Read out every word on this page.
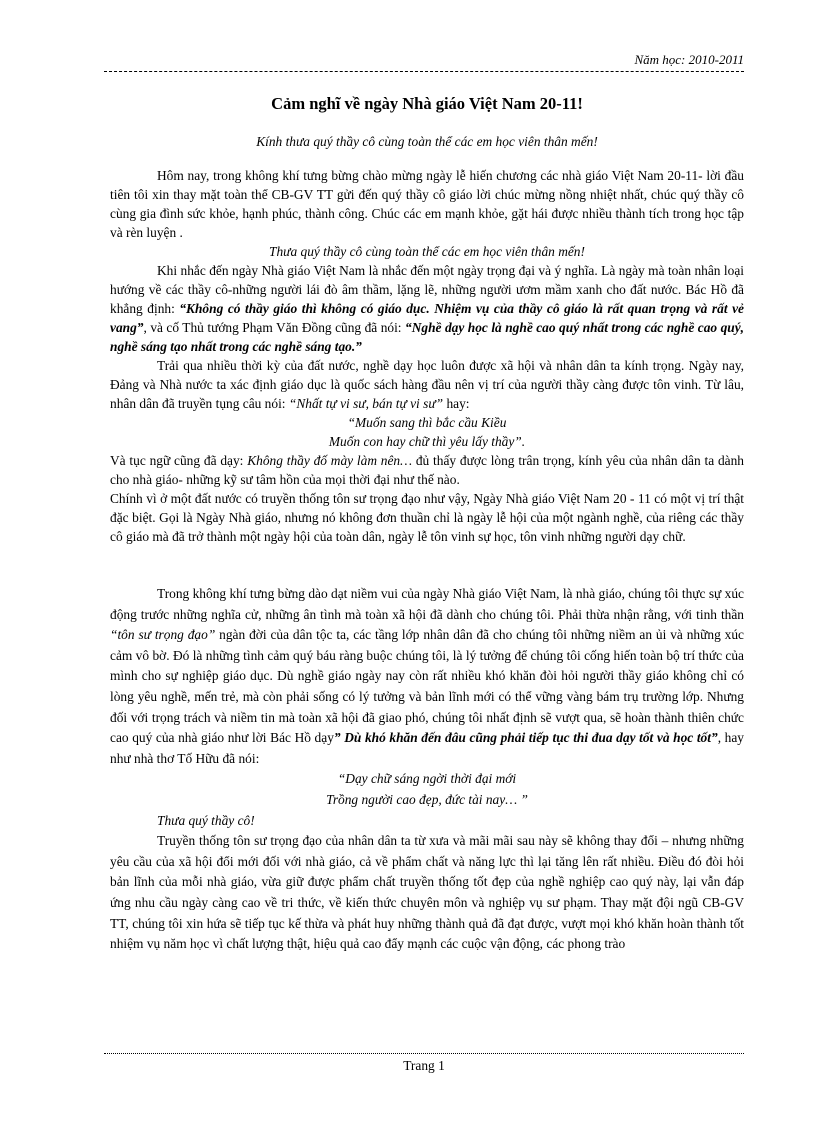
Năm học: 2010-2011
Cảm nghĩ về ngày Nhà giáo Việt Nam 20-11!
Kính thưa quý thầy cô cùng toàn thể các em học viên thân mến!

Hôm nay, trong không khí tưng bừng chào mừng ngày lễ hiến chương các nhà giáo Việt Nam 20-11- lời đầu tiên tôi xin thay mặt toàn thể CB-GV TT gửi đến quý thầy cô giáo lời chúc mừng nồng nhiệt nhất, chúc quý thầy cô cùng gia đình sức khỏe, hạnh phúc, thành công. Chúc các em mạnh khỏe, gặt hái được nhiều thành tích trong học tập và rèn luyện .

Thưa quý thầy cô cùng toàn thể các em học viên thân mến!

Khi nhắc đến ngày Nhà giáo Việt Nam là nhắc đến một ngày trọng đại và ý nghĩa. Là ngày mà toàn nhân loại hướng về các thầy cô-những người lái đò âm thầm, lặng lẽ, những người ươm mầm xanh cho đất nước. Bác Hồ đã khẳng định: “Không có thầy giáo thì không có giáo dục. Nhiệm vụ của thầy cô giáo là rất quan trọng và rất vẻ vang”, và cố Thủ tướng Phạm Văn Đồng cũng đã nói: “Nghề dạy học là nghề cao quý nhất trong các nghề cao quý, nghề sáng tạo nhất trong các nghề sáng tạo.”

Trải qua nhiều thời kỳ của đất nước, nghề dạy học luôn được xã hội và nhân dân ta kính trọng. Ngày nay, Đảng và Nhà nước ta xác định giáo dục là quốc sách hàng đầu nên vị trí của người thầy càng được tôn vinh. Từ lâu, nhân dân đã truyền tụng câu nói: “Nhất tự vi sư, bán tự vi sư” hay:

“Muốn sang thì bắc cầu Kiều

Muốn con hay chữ thì yêu lấy thầy”.

Và tục ngữ cũng đã dạy: Không thầy đố mày làm nên… đủ thấy được lòng trân trọng, kính yêu của nhân dân ta dành cho nhà giáo- những kỹ sư tâm hồn của mọi thời đại như thế nào.

Chính vì ở một đất nước có truyền thống tôn sư trọng đạo như vậy, Ngày Nhà giáo Việt Nam 20 - 11 có một vị trí thật đặc biệt. Gọi là Ngày Nhà giáo, nhưng nó không đơn thuần chỉ là ngày lễ hội của một ngành nghề, của riêng các thầy cô giáo mà đã trở thành một ngày hội của toàn dân, ngày lễ tôn vinh sự học, tôn vinh những người dạy chữ.

Trong không khí tưng bừng dào dạt niềm vui của ngày Nhà giáo Việt Nam, là nhà giáo, chúng tôi thực sự xúc động trước những nghĩa cử, những ân tình mà toàn xã hội đã dành cho chúng tôi. Phải thừa nhận rằng, với tinh thần “tôn sư trọng đạo” ngàn đời của dân tộc ta, các tầng lớp nhân dân đã cho chúng tôi những niềm an ủi và những xúc cảm vô bờ. Đó là những tình cảm quý báu ràng buộc chúng tôi, là lý tưởng để chúng tôi cống hiến toàn bộ trí thức của mình cho sự nghiệp giáo dục. Dù nghề giáo ngày nay còn rất nhiều khó khăn đòi hỏi người thầy giáo không chỉ có lòng yêu nghề, mến trẻ, mà còn phải sống có lý tưởng và bản lĩnh mới có thể vững vàng bám trụ trường lớp. Nhưng đối với trọng trách và niềm tin mà toàn xã hội đã giao phó, chúng tôi nhất định sẽ vượt qua, sẽ hoàn thành thiên chức cao quý của nhà giáo như lời Bác Hồ dạy” Dù khó khăn đến đâu cũng phải tiếp tục thi đua dạy tốt và học tốt”, hay như nhà thơ Tố Hữu đã nói:

“Dạy chữ sáng ngời thời đại mới

Trồng người cao đẹp, đức tài nay… ”

Thưa quý thầy cô!

Truyền thống tôn sư trọng đạo của nhân dân ta từ xưa và mãi mãi sau này sẽ không thay đổi – nhưng những yêu cầu của xã hội đổi mới đối với nhà giáo, cả về phẩm chất và năng lực thì lại tăng lên rất nhiều. Điều đó đòi hỏi bản lĩnh của mỗi nhà giáo, vừa giữ được phẩm chất truyền thống tốt đẹp của nghề nghiệp cao quý này, lại vẫn đáp ứng nhu cầu ngày càng cao về tri thức, về kiến thức chuyên môn và nghiệp vụ sư phạm. Thay mặt đội ngũ CB-GV TT, chúng tôi xin hứa sẽ tiếp tục kế thừa và phát huy những thành quả đã đạt được, vượt mọi khó khăn hoàn thành tốt nhiệm vụ năm học vì chất lượng thật, hiệu quả cao đẩy mạnh các cuộc vận động, các phong trào

Trang 1
